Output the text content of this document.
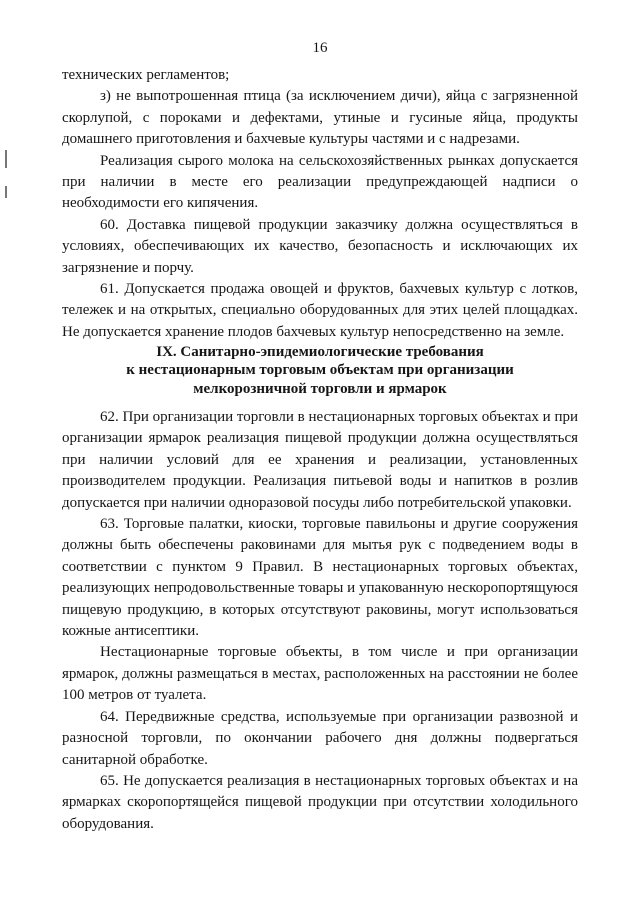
16

технических регламентов;

з) не выпотрошенная птица (за исключением дичи), яйца с загрязненной скорлупой, с пороками и дефектами, утиные и гусиные яйца, продукты домашнего приготовления и бахчевые культуры частями и с надрезами.

Реализация сырого молока на сельскохозяйственных рынках допускается при наличии в месте его реализации предупреждающей надписи о необходимости его кипячения.

60. Доставка пищевой продукции заказчику должна осуществляться в условиях, обеспечивающих их качество, безопасность и исключающих их загрязнение и порчу.

61. Допускается продажа овощей и фруктов, бахчевых культур с лотков, тележек и на открытых, специально оборудованных для этих целей площадках. Не допускается хранение плодов бахчевых культур непосредственно на земле.

IX. Санитарно-эпидемиологические требования
к нестационарным торговым объектам при организации
мелкорозничной торговли и ярмарок

62. При организации торговли в нестационарных торговых объектах и при организации ярмарок реализация пищевой продукции должна осуществляться при наличии условий для ее хранения и реализации, установленных производителем продукции. Реализация питьевой воды и напитков в розлив допускается при наличии одноразовой посуды либо потребительской упаковки.

63. Торговые палатки, киоски, торговые павильоны и другие сооружения должны быть обеспечены раковинами для мытья рук с подведением воды в соответствии с пунктом 9 Правил. В нестационарных торговых объектах, реализующих непродовольственные товары и упакованную нескоропортящуюся пищевую продукцию, в которых отсутствуют раковины, могут использоваться кожные антисептики.

Нестационарные торговые объекты, в том числе и при организации ярмарок, должны размещаться в местах, расположенных на расстоянии не более 100 метров от туалета.

64. Передвижные средства, используемые при организации развозной и разносной торговли, по окончании рабочего дня должны подвергаться санитарной обработке.

65. Не допускается реализация в нестационарных торговых объектах и на ярмарках скоропортящейся пищевой продукции при отсутствии холодильного оборудования.
